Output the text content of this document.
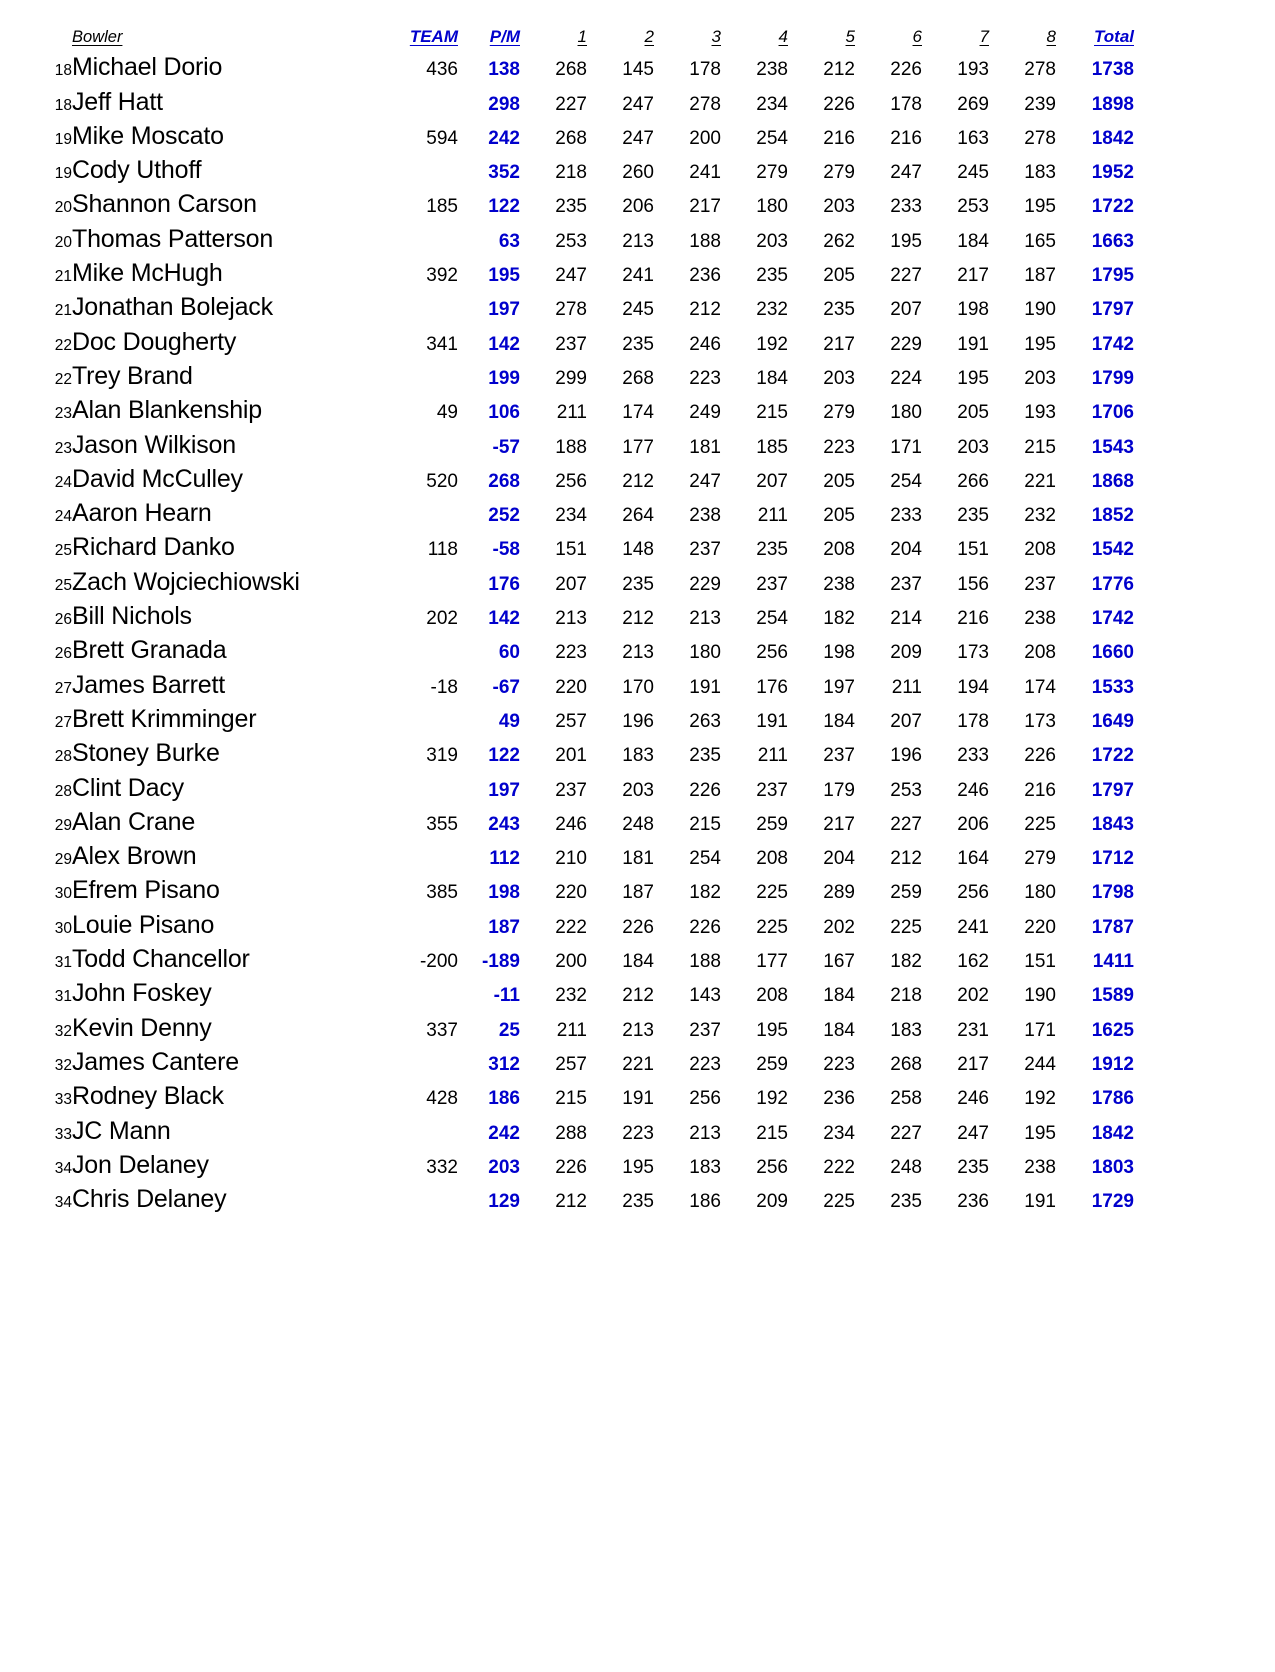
	Bowler	TEAM	P/M	1	2	3	4	5	6	7	8	Total
18	Michael Dorio	436	138	268	145	178	238	212	226	193	278	1738
18	Jeff Hatt		298	227	247	278	234	226	178	269	239	1898
19	Mike Moscato	594	242	268	247	200	254	216	216	163	278	1842
19	Cody Uthoff		352	218	260	241	279	279	247	245	183	1952
20	Shannon Carson	185	122	235	206	217	180	203	233	253	195	1722
20	Thomas Patterson		63	253	213	188	203	262	195	184	165	1663
21	Mike McHugh	392	195	247	241	236	235	205	227	217	187	1795
21	Jonathan Bolejack		197	278	245	212	232	235	207	198	190	1797
22	Doc Dougherty	341	142	237	235	246	192	217	229	191	195	1742
22	Trey Brand		199	299	268	223	184	203	224	195	203	1799
23	Alan Blankenship	49	106	211	174	249	215	279	180	205	193	1706
23	Jason Wilkison		-57	188	177	181	185	223	171	203	215	1543
24	David McCulley	520	268	256	212	247	207	205	254	266	221	1868
24	Aaron Hearn		252	234	264	238	211	205	233	235	232	1852
25	Richard Danko	118	-58	151	148	237	235	208	204	151	208	1542
25	Zach Wojciechiowski		176	207	235	229	237	238	237	156	237	1776
26	Bill Nichols	202	142	213	212	213	254	182	214	216	238	1742
26	Brett Granada		60	223	213	180	256	198	209	173	208	1660
27	James Barrett	-18	-67	220	170	191	176	197	211	194	174	1533
27	Brett Krimminger		49	257	196	263	191	184	207	178	173	1649
28	Stoney Burke	319	122	201	183	235	211	237	196	233	226	1722
28	Clint Dacy		197	237	203	226	237	179	253	246	216	1797
29	Alan Crane	355	243	246	248	215	259	217	227	206	225	1843
29	Alex Brown		112	210	181	254	208	204	212	164	279	1712
30	Efrem Pisano	385	198	220	187	182	225	289	259	256	180	1798
30	Louie Pisano		187	222	226	226	225	202	225	241	220	1787
31	Todd Chancellor	-200	-189	200	184	188	177	167	182	162	151	1411
31	John Foskey		-11	232	212	143	208	184	218	202	190	1589
32	Kevin Denny	337	25	211	213	237	195	184	183	231	171	1625
32	James Cantere		312	257	221	223	259	223	268	217	244	1912
33	Rodney Black	428	186	215	191	256	192	236	258	246	192	1786
33	JC Mann		242	288	223	213	215	234	227	247	195	1842
34	Jon Delaney	332	203	226	195	183	256	222	248	235	238	1803
34	Chris Delaney		129	212	235	186	209	225	235	236	191	1729
